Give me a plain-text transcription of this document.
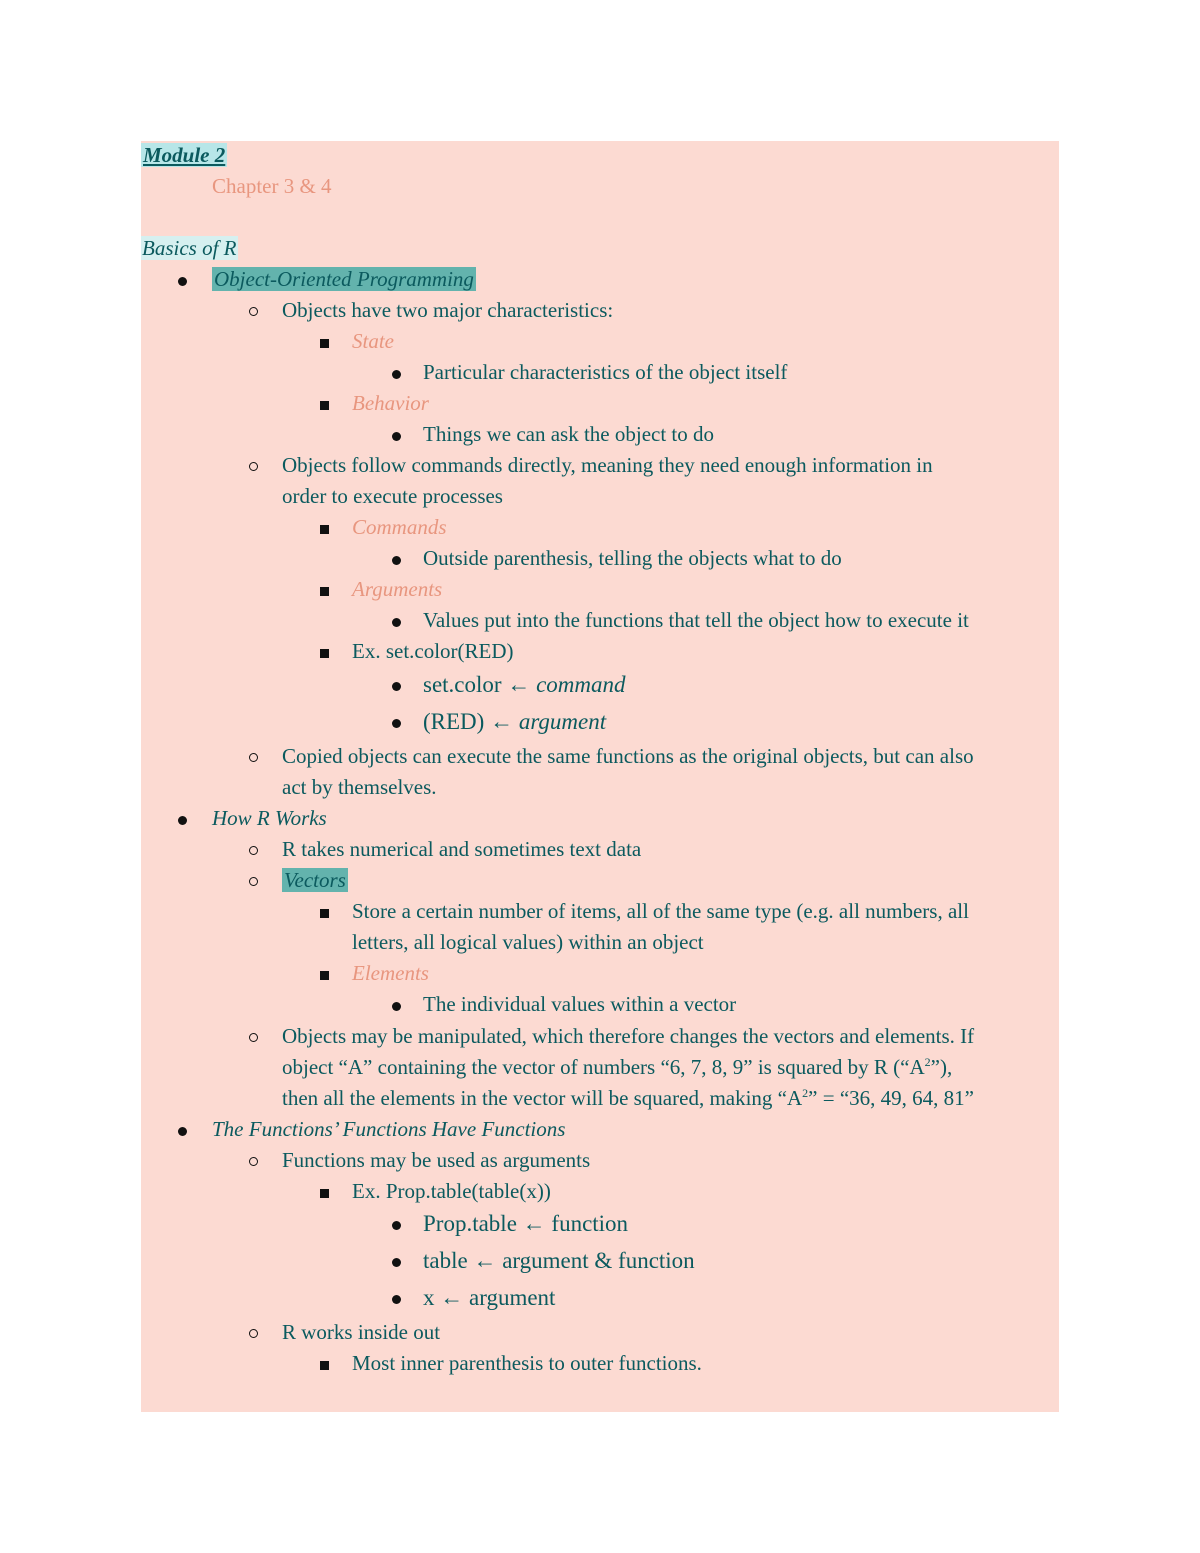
Module 2
Chapter 3 & 4
Basics of R
Object-Oriented Programming
Objects have two major characteristics:
State
Particular characteristics of the object itself
Behavior
Things we can ask the object to do
Objects follow commands directly, meaning they need enough information in
order to execute processes
Commands
Outside parenthesis, telling the objects what to do
Arguments
Values put into the functions that tell the object how to execute it
Ex. set.color(RED)
set.color ← command
(RED) ← argument
Copied objects can execute the same functions as the original objects, but can also
act by themselves.
How R Works
R takes numerical and sometimes text data
Vectors
Store a certain number of items, all of the same type (e.g. all numbers, all
letters, all logical values) within an object
Elements
The individual values within a vector
Objects may be manipulated, which therefore changes the vectors and elements. If
object “A” containing the vector of numbers “6, 7, 8, 9” is squared by R $(“A^2”)$,
then all the elements in the vector will be squared, making “$A^2$” = “36, 49, 64, 81”
The Functions’ Functions Have Functions
Functions may be used as arguments
Ex. Prop.table(table(x))
Prop.table ← function
table ← argument & function
x ← argument
R works inside out
Most inner parenthesis to outer functions.
